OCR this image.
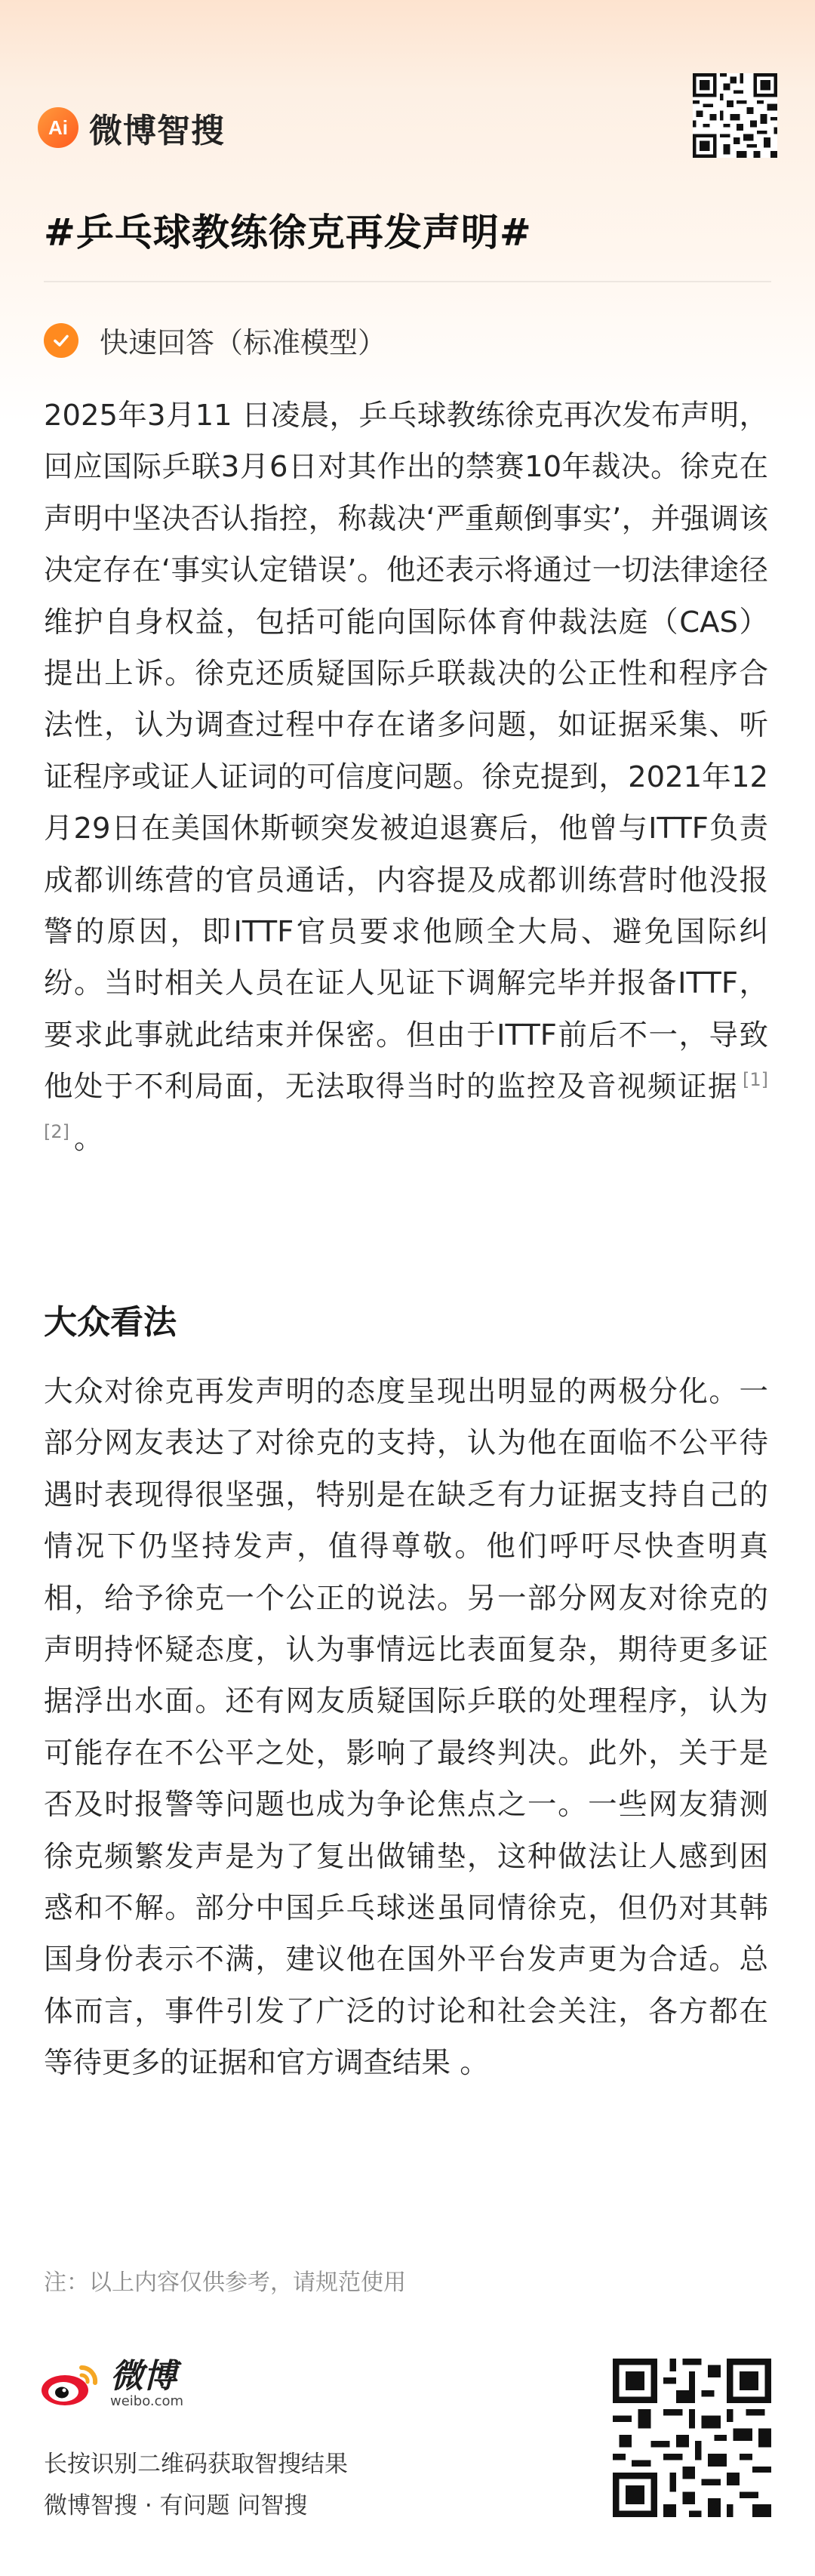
Ai 微博智搜
#乒乓球教练徐克再发声明#
快速回答（标准模型）
2025年3月11 日凌晨，乒乓球教练徐克再次发布声明，回应国际乒联3月6日对其作出的禁赛10年裁决。徐克在声明中坚决否认指控，称裁决‘严重颠倒事实’，并强调该决定存在‘事实认定错误’。他还表示将通过一切法律途径维护自身权益，包括可能向国际体育仲裁法庭（CAS）提出上诉。徐克还质疑国际乒联裁决的公正性和程序合法性，认为调查过程中存在诸多问题，如证据采集、听证程序或证人证词的可信度问题。徐克提到，2021年12月29日在美国休斯顿突发被迫退赛后，他曾与ITTF负责成都训练营的官员通话，内容提及成都训练营时他没报警的原因，即ITTF官员要求他顾全大局、避免国际纠纷。当时相关人员在证人见证下调解完毕并报备ITTF，要求此事就此结束并保密。但由于ITTF前后不一，导致他处于不利局面，无法取得当时的监控及音视频证据 [1] [2] 。
大众看法
大众对徐克再发声明的态度呈现出明显的两极分化。一部分网友表达了对徐克的支持，认为他在面临不公平待遇时表现得很坚强，特别是在缺乏有力证据支持自己的情况下仍坚持发声，值得尊敬。他们呼吁尽快查明真相，给予徐克一个公正的说法。另一部分网友对徐克的声明持怀疑态度，认为事情远比表面复杂，期待更多证据浮出水面。还有网友质疑国际乒联的处理程序，认为可能存在不公平之处，影响了最终判决。此外，关于是否及时报警等问题也成为争论焦点之一。一些网友猜测徐克频繁发声是为了复出做铺垫，这种做法让人感到困惑和不解。部分中国乒乓球迷虽同情徐克，但仍对其韩国身份表示不满，建议他在国外平台发声更为合适。总体而言，事件引发了广泛的讨论和社会关注，各方都在等待更多的证据和官方调查结果 。
注：以上内容仅供参考，请规范使用
微博
weibo.com
长按识别二维码获取智搜结果
微博智搜 · 有问题 问智搜
